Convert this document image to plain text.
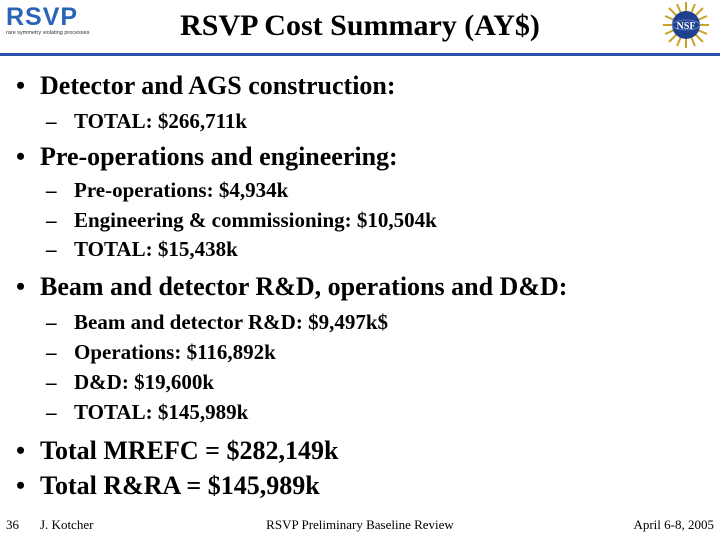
RSVP
rare symmetry violating processes	RSVP Cost Summary (AY$)	NSF
• Detector and AGS construction:
– TOTAL: $266,711k
• Pre-operations and engineering:
– Pre-operations: $4,934k
– Engineering & commissioning: $10,504k
– TOTAL: $15,438k
• Beam and detector R&D, operations and D&D:
– Beam and detector R&D: $9,497k$
– Operations: $116,892k
– D&D: $19,600k
– TOTAL: $145,989k
• Total MREFC = $282,149k
• Total R&RA = $145,989k
36 J. Kotcher	RSVP Preliminary Baseline Review	April 6-8, 2005
